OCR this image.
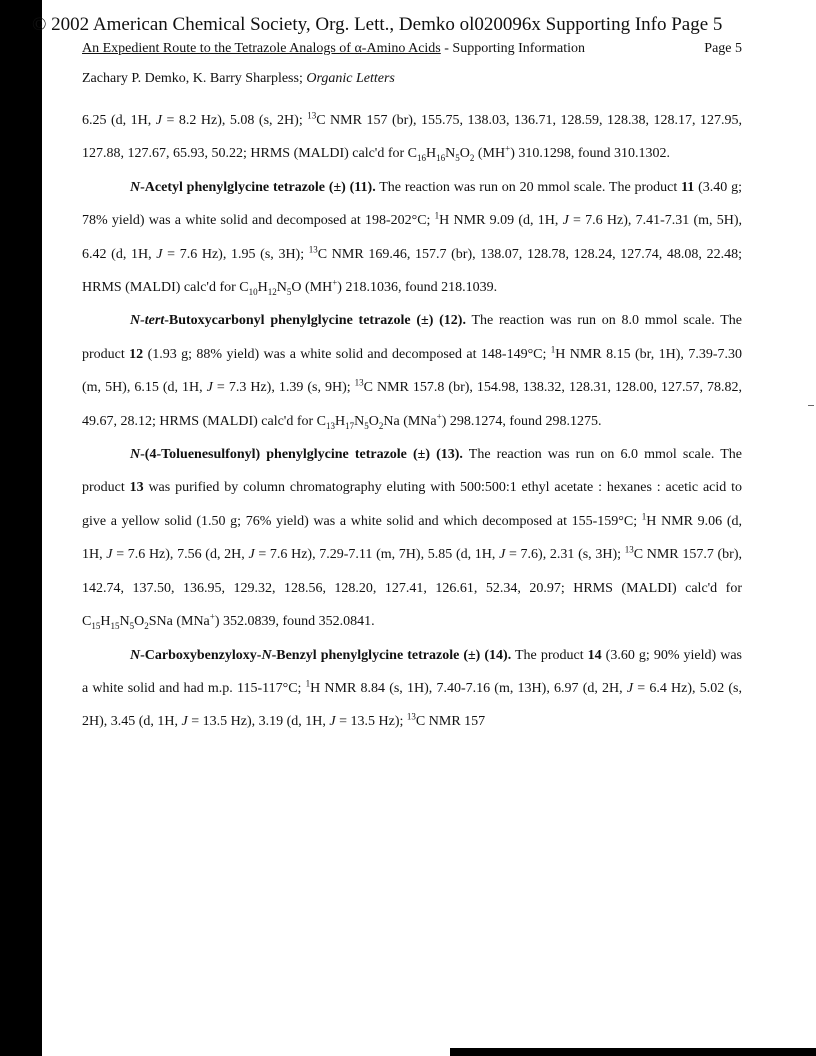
© 2002 American Chemical Society, Org. Lett., Demko ol020096x Supporting Info Page 5
An Expedient Route to the Tetrazole Analogs of α-Amino Acids - Supporting Information	Page 5
Zachary P. Demko, K. Barry Sharpless; Organic Letters

6.25 (d, 1H, J = 8.2 Hz), 5.08 (s, 2H); $^{13}$C NMR 157 (br), 155.75, 138.03, 136.71, 128.59, 128.38, 128.17, 127.95, 127.88, 127.67, 65.93, 50.22; HRMS (MALDI) calc'd for $C_{16}H_{16}N_5O_2$ (MH+) 310.1298, found 310.1302.

N-Acetyl phenylglycine tetrazole (±) (11). The reaction was run on 20 mmol scale. The product 11 (3.40 g; 78% yield) was a white solid and decomposed at 198-202°C; $^1$H NMR 9.09 (d, 1H, J = 7.6 Hz), 7.41-7.31 (m, 5H), 6.42 (d, 1H, J = 7.6 Hz), 1.95 (s, 3H); $^{13}$C NMR 169.46, 157.7 (br), 138.07, 128.78, 128.24, 127.74, 48.08, 22.48; HRMS (MALDI) calc'd for $C_{10}H_{12}N_5O$ (MH+) 218.1036, found 218.1039.

N-tert-Butoxycarbonyl phenylglycine tetrazole (±) (12). The reaction was run on 8.0 mmol scale. The product 12 (1.93 g; 88% yield) was a white solid and decomposed at 148-149°C; $^1$H NMR 8.15 (br, 1H), 7.39-7.30 (m, 5H), 6.15 (d, 1H, J = 7.3 Hz), 1.39 (s, 9H); $^{13}$C NMR 157.8 (br), 154.98, 138.32, 128.31, 128.00, 127.57, 78.82, 49.67, 28.12; HRMS (MALDI) calc'd for $C_{13}H_{17}N_5O_2Na$ (MNa+) 298.1274, found 298.1275.

N-(4-Toluenesulfonyl) phenylglycine tetrazole (±) (13). The reaction was run on 6.0 mmol scale. The product 13 was purified by column chromatography eluting with 500:500:1 ethyl acetate : hexanes : acetic acid to give a yellow solid (1.50 g; 76% yield) was a white solid and which decomposed at 155-159°C; $^1$H NMR 9.06 (d, 1H, J = 7.6 Hz), 7.56 (d, 2H, J = 7.6 Hz), 7.29-7.11 (m, 7H), 5.85 (d, 1H, J = 7.6), 2.31 (s, 3H); $^{13}$C NMR 157.7 (br), 142.74, 137.50, 136.95, 129.32, 128.56, 128.20, 127.41, 126.61, 52.34, 20.97; HRMS (MALDI) calc'd for $C_{15}H_{15}N_5O_2SNa$ (MNa+) 352.0839, found 352.0841.

N-Carboxybenzyloxy-N-Benzyl phenylglycine tetrazole (±) (14). The product 14 (3.60 g; 90% yield) was a white solid and had m.p. 115-117°C; $^1$H NMR 8.84 (s, 1H), 7.40-7.16 (m, 13H), 6.97 (d, 2H, J = 6.4 Hz), 5.02 (s, 2H), 3.45 (d, 1H, J = 13.5 Hz), 3.19 (d, 1H, J = 13.5 Hz); $^{13}$C NMR 157
